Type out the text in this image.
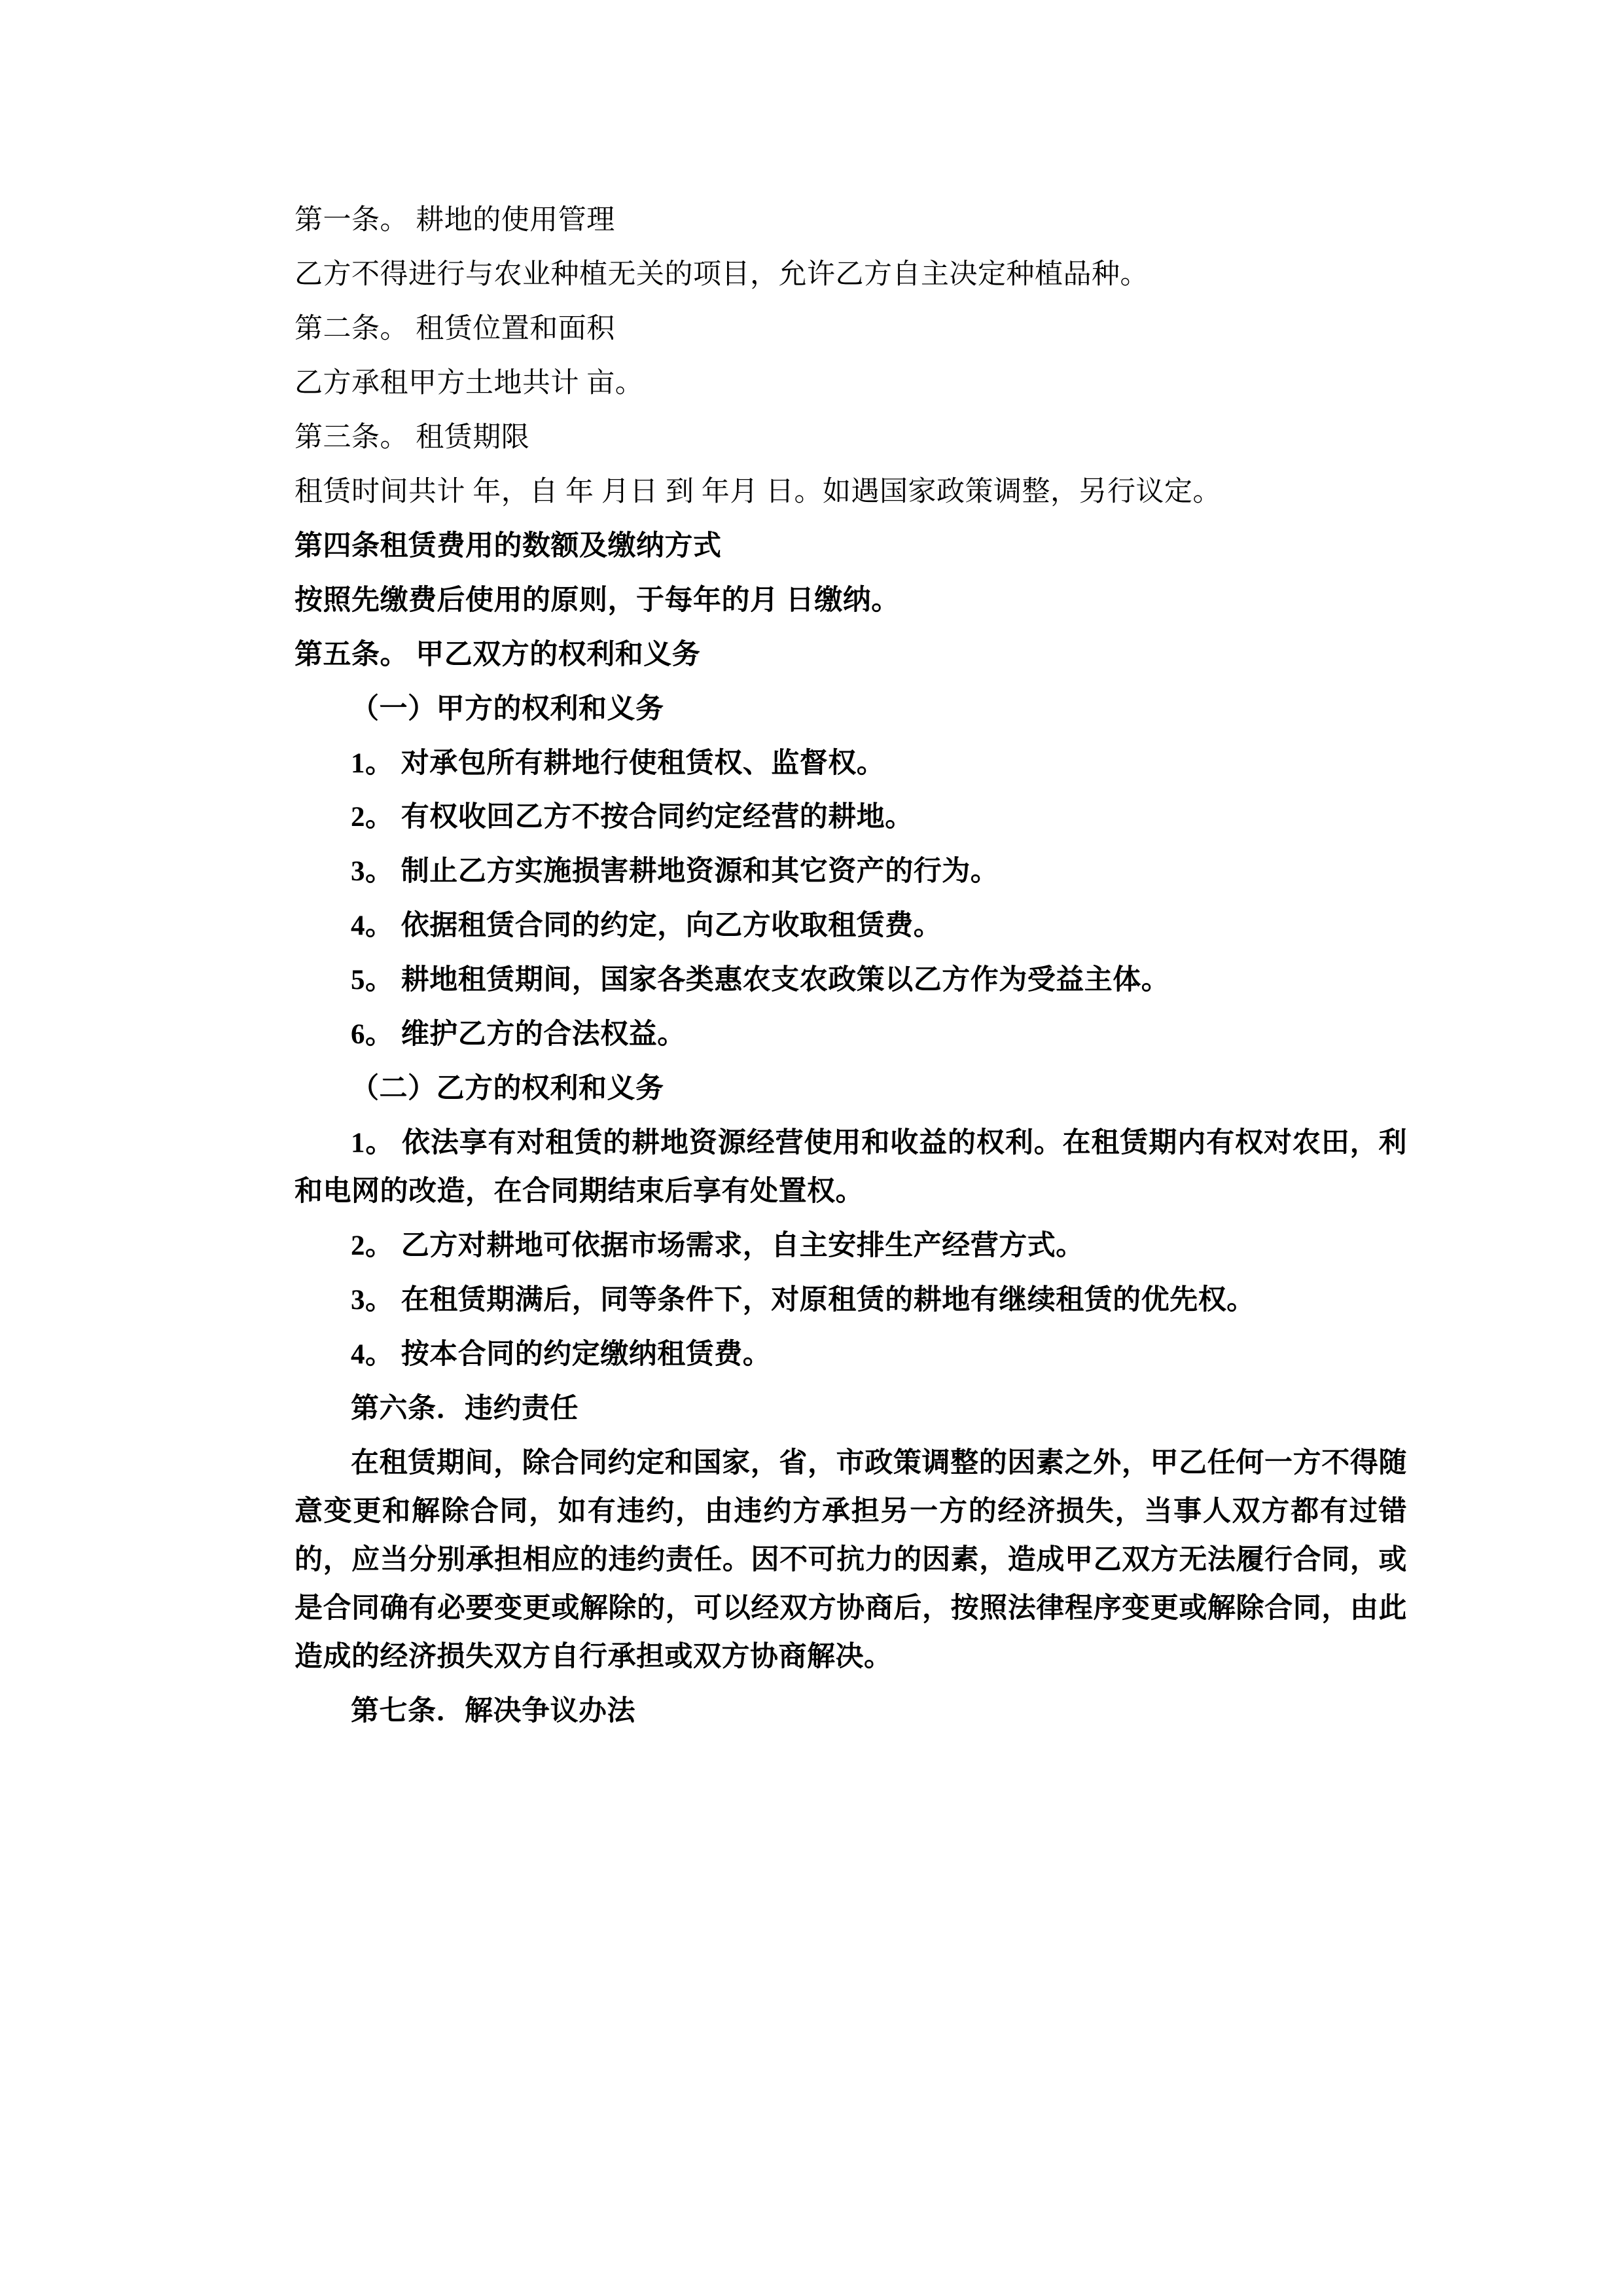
第一条。 耕地的使用管理

乙方不得进行与农业种植无关的项目，允许乙方自主决定种植品种。

第二条。 租赁位置和面积

乙方承租甲方土地共计 亩。

第三条。 租赁期限

租赁时间共计 年，自 年 月日 到 年月 日。如遇国家政策调整，另行议定。

第四条租赁费用的数额及缴纳方式

按照先缴费后使用的原则，于每年的月 日缴纳。

第五条。 甲乙双方的权利和义务

（一）甲方的权利和义务

1。 对承包所有耕地行使租赁权、监督权。

2。 有权收回乙方不按合同约定经营的耕地。

3。 制止乙方实施损害耕地资源和其它资产的行为。

4。 依据租赁合同的约定，向乙方收取租赁费。

5。 耕地租赁期间，国家各类惠农支农政策以乙方作为受益主体。

6。 维护乙方的合法权益。

（二）乙方的权利和义务

1。 依法享有对租赁的耕地资源经营使用和收益的权利。在租赁期内有权对农田，利和电网的改造，在合同期结束后享有处置权。

2。 乙方对耕地可依据市场需求，自主安排生产经营方式。

3。 在租赁期满后，同等条件下，对原租赁的耕地有继续租赁的优先权。

4。 按本合同的约定缴纳租赁费。

第六条．违约责任

在租赁期间，除合同约定和国家，省，市政策调整的因素之外，甲乙任何一方不得随意变更和解除合同，如有违约，由违约方承担另一方的经济损失，当事人双方都有过错的，应当分别承担相应的违约责任。因不可抗力的因素，造成甲乙双方无法履行合同，或是合同确有必要变更或解除的，可以经双方协商后，按照法律程序变更或解除合同，由此造成的经济损失双方自行承担或双方协商解决。

第七条．解决争议办法
